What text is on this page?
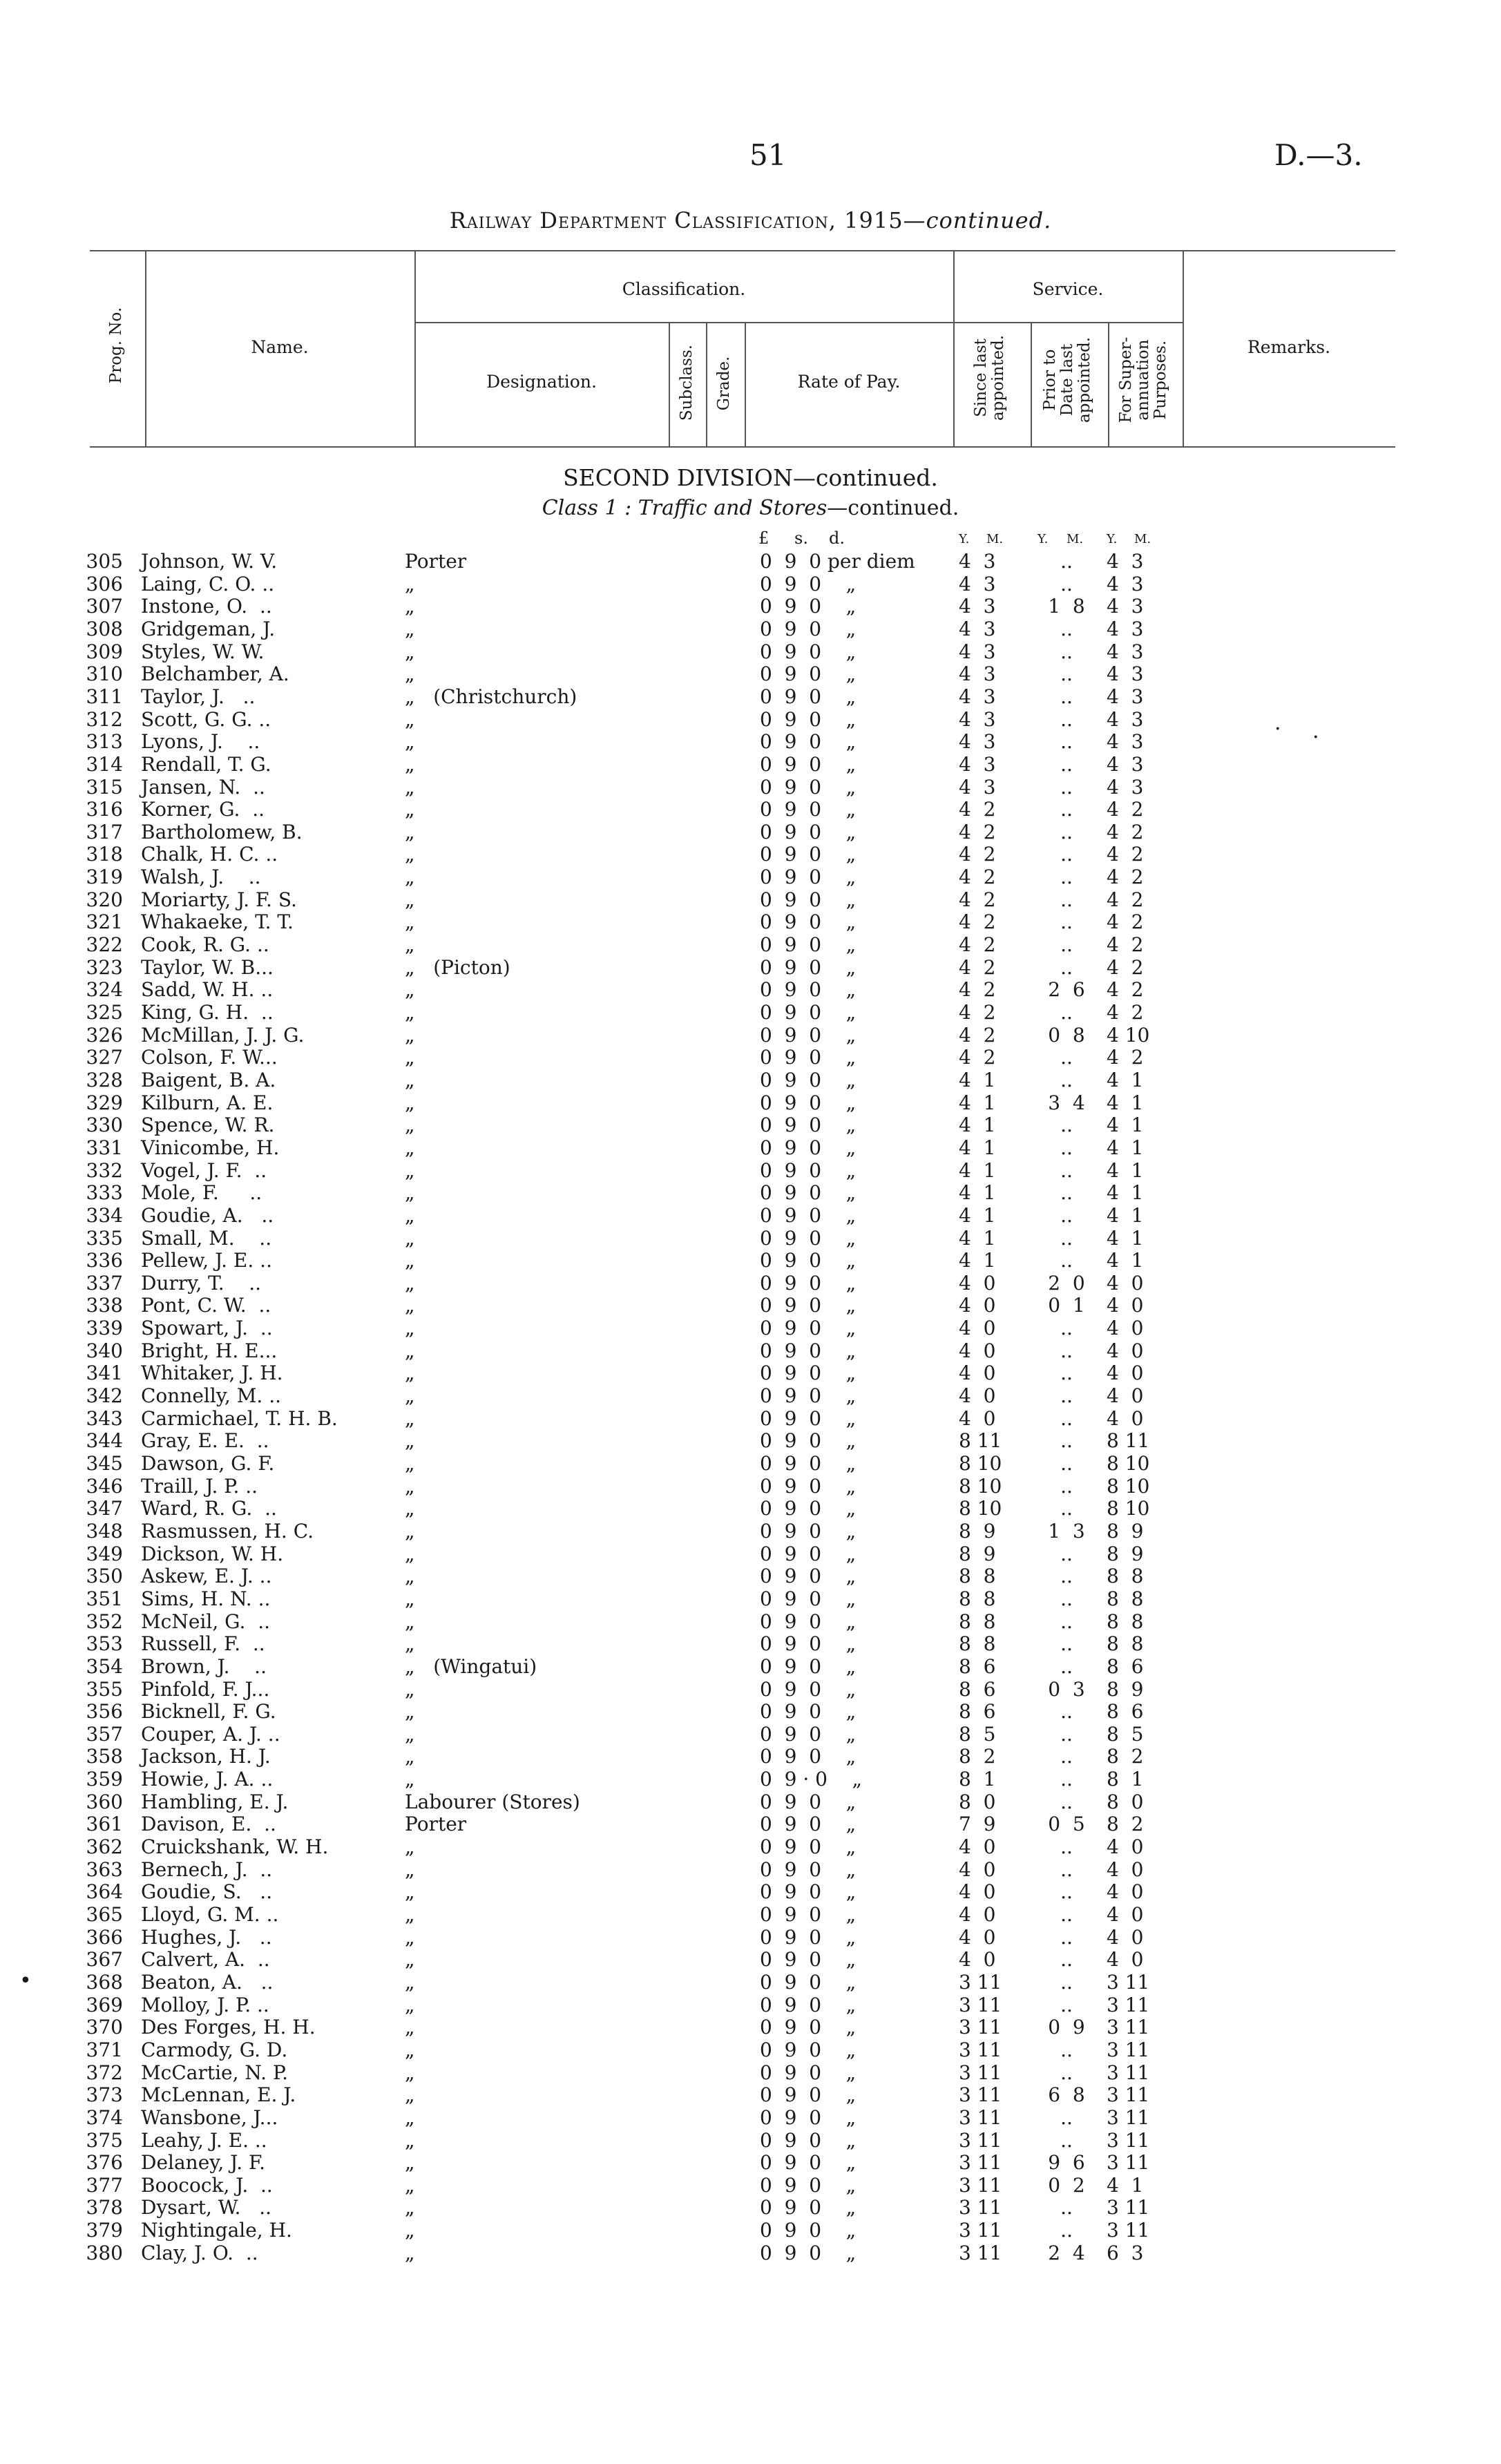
51	D.—3.
Railway Department Classification, 1915—continued.
Prog. No.	Name.
Classification.
Designation.	Subclass. Grade.	Rate of Pay.
Service.
Since last appointed. Prior to Date last appointed. For Super- annuation Purposes.	Remarks.
SECOND DIVISION—continued.
Class 1 : Traffic and Stores—continued.
£ s. d.	Y. M.	Y. M. Y. M.
305 Johnson, W. V.	Porter	0  9  0 per diem 4  3	..	4  3
306 Laing, C. O. ..	„	0  9  0    „	4  3	..	4  3
307 Instone, O.  ..	„	0  9  0    „	4  3	1  8	4  3
308 Gridgeman, J.	„	0  9  0    „	4  3	..	4  3
309 Styles, W. W.	„	0  9  0    „	4  3	..	4  3
310 Belchamber, A.	„	0  9  0    „	4  3	..	4  3
311 Taylor, J.   ..	„   (Christchurch)	0  9  0    „	4  3	..	4  3
312 Scott, G. G. ..	„	0  9  0    „	4  3	..	4  3
313 Lyons, J.    ..	„	0  9  0    „	4  3	..	4  3
314 Rendall, T. G.	„	0  9  0    „	4  3	..	4  3
315 Jansen, N.  ..	„	0  9  0    „	4  3	..	4  3
316 Korner, G.  ..	„	0  9  0    „	4  2	..	4  2
317 Bartholomew, B.	„	0  9  0    „	4  2	..	4  2
318 Chalk, H. C. ..	„	0  9  0    „	4  2	..	4  2
319 Walsh, J.    ..	„	0  9  0    „	4  2	..	4  2
320 Moriarty, J. F. S.	„	0  9  0    „	4  2	..	4  2
321 Whakaeke, T. T.	„	0  9  0    „	4  2	..	4  2
322 Cook, R. G. ..	„	0  9  0    „	4  2	..	4  2
323 Taylor, W. B...	„   (Picton)	0  9  0    „	4  2	..	4  2
324 Sadd, W. H. ..	„	0  9  0    „	4  2	2  6	4  2
325 King, G. H.  ..	„	0  9  0    „	4  2	..	4  2
326 McMillan, J. J. G.	„	0  9  0    „	4  2	0  8	4 10
327 Colson, F. W...	„	0  9  0    „	4  2	..	4  2
328 Baigent, B. A.	„	0  9  0    „	4  1	..	4  1
329 Kilburn, A. E.	„	0  9  0    „	4  1	3  4	4  1
330 Spence, W. R.	„	0  9  0    „	4  1	..	4  1
331 Vinicombe, H.	„	0  9  0    „	4  1	..	4  1
332 Vogel, J. F.  ..	„	0  9  0    „	4  1	..	4  1
333 Mole, F.     ..	„	0  9  0    „	4  1	..	4  1
334 Goudie, A.   ..	„	0  9  0    „	4  1	..	4  1
335 Small, M.    ..	„	0  9  0    „	4  1	..	4  1
336 Pellew, J. E. ..	„	0  9  0    „	4  1	..	4  1
337 Durry, T.    ..	„	0  9  0    „	4  0	2  0	4  0
338 Pont, C. W.  ..	„	0  9  0    „	4  0	0  1	4  0
339 Spowart, J.  ..	„	0  9  0    „	4  0	..	4  0
340 Bright, H. E...	„	0  9  0    „	4  0	..	4  0
341 Whitaker, J. H.	„	0  9  0    „	4  0	..	4  0
342 Connelly, M. ..	„	0  9  0    „	4  0	..	4  0
343 Carmichael, T. H. B.	„	0  9  0    „	4  0	..	4  0
344 Gray, E. E.  ..	„	0  9  0    „	8 11	..	8 11
345 Dawson, G. F.	„	0  9  0    „	8 10	..	8 10
346 Traill, J. P. ..	„	0  9  0    „	8 10	..	8 10
347 Ward, R. G.  ..	„	0  9  0    „	8 10	..	8 10
348 Rasmussen, H. C.	„	0  9  0    „	8  9	1  3	8  9
349 Dickson, W. H.	„	0  9  0    „	8  9	..	8  9
350 Askew, E. J. ..	„	0  9  0    „	8  8	..	8  8
351 Sims, H. N. ..	„	0  9  0    „	8  8	..	8  8
352 McNeil, G.  ..	„	0  9  0    „	8  8	..	8  8
353 Russell, F.  ..	„	0  9  0    „	8  8	..	8  8
354 Brown, J.    ..	„   (Wingatui)	0  9  0    „	8  6	..	8  6
355 Pinfold, F. J...	„	0  9  0    „	8  6	0  3	8  9
356 Bicknell, F. G.	„	0  9  0    „	8  6	..	8  6
357 Couper, A. J. ..	„	0  9  0    „	8  5	..	8  5
358 Jackson, H. J.	„	0  9  0    „	8  2	..	8  2
359 Howie, J. A. ..	„	0  9 · 0    „	8  1	..	8  1
360 Hambling, E. J.	Labourer (Stores)	0  9  0    „	8  0	..	8  0
361 Davison, E.  ..	Porter	0  9  0    „	7  9	0  5	8  2
362 Cruickshank, W. H.	„	0  9  0    „	4  0	..	4  0
363 Bernech, J.  ..	„	0  9  0    „	4  0	..	4  0
364 Goudie, S.   ..	„	0  9  0    „	4  0	..	4  0
365 Lloyd, G. M. ..	„	0  9  0    „	4  0	..	4  0
366 Hughes, J.   ..	„	0  9  0    „	4  0	..	4  0
367 Calvert, A.  ..	„	0  9  0    „	4  0	..	4  0
368 Beaton, A.   ..	„	0  9  0    „	3 11	..	3 11
369 Molloy, J. P. ..	„	0  9  0    „	3 11	..	3 11
370 Des Forges, H. H.	„	0  9  0    „	3 11	0  9	3 11
371 Carmody, G. D.	„	0  9  0    „	3 11	..	3 11
372 McCartie, N. P.	„	0  9  0    „	3 11	..	3 11
373 McLennan, E. J.	„	0  9  0    „	3 11	6  8	3 11
374 Wansbone, J...	„	0  9  0    „	3 11	..	3 11
375 Leahy, J. E. ..	„	0  9  0    „	3 11	..	3 11
376 Delaney, J. F.	„	0  9  0    „	3 11	9  6	3 11
377 Boocock, J.  ..	„	0  9  0    „	3 11	0  2	4  1
378 Dysart, W.   ..	„	0  9  0    „	3 11	..	3 11
379 Nightingale, H.	„	0  9  0    „	3 11	..	3 11
380 Clay, J. O.  ..	„	0  9  0    „	3 11	2  4	6  3
· ·
•
